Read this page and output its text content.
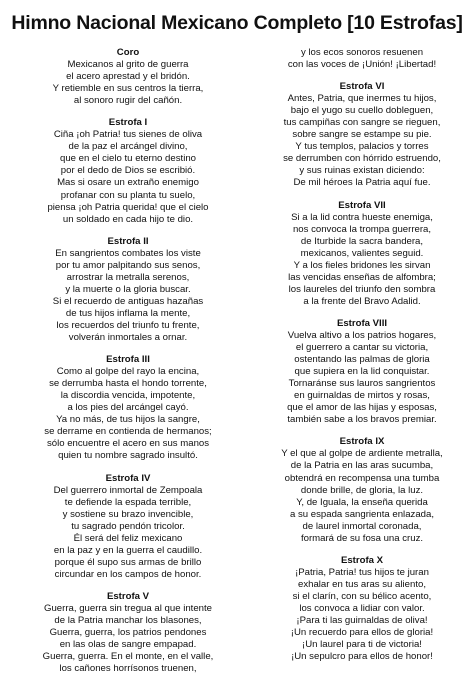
Himno Nacional Mexicano Completo [10 Estrofas]
Coro
Mexicanos al grito de guerra
el acero aprestad y el bridón.
Y retiemble en sus centros la tierra,
al sonoro rugir del cañón.
Estrofa I
Ciña ¡oh Patria! tus sienes de oliva
de la paz el arcángel divino,
que en el cielo tu eterno destino
por el dedo de Dios se escribió.
Mas si osare un extraño enemigo
profanar con su planta tu suelo,
piensa ¡oh Patria querida! que el cielo
un soldado en cada hijo te dio.
Estrofa II
En sangrientos combates los viste
por tu amor palpitando sus senos,
arrostrar la metralla serenos,
y la muerte o la gloria buscar.
Si el recuerdo de antiguas hazañas
de tus hijos inflama la mente,
los recuerdos del triunfo tu frente,
volverán inmortales a ornar.
Estrofa III
Como al golpe del rayo la encina,
se derrumba hasta el hondo torrente,
la discordia vencida, impotente,
a los pies del arcángel cayó.
Ya no más, de tus hijos la sangre,
se derrame en contienda de hermanos;
sólo encuentre el acero en sus manos
quien tu nombre sagrado insultó.
Estrofa IV
Del guerrero inmortal de Zempoala
te defiende la espada terrible,
y sostiene su brazo invencible,
tu sagrado pendón tricolor.
Él será del feliz mexicano
en la paz y en la guerra el caudillo.
porque él supo sus armas de brillo
circundar en los campos de honor.
Estrofa V
Guerra, guerra sin tregua al que intente
de la Patria manchar los blasones,
Guerra, guerra, los patrios pendones
en las olas de sangre empapad.
Guerra, guerra. En el monte, en el valle,
los cañones horrísonos truenen,
y los ecos sonoros resuenen
con las voces de ¡Unión! ¡Libertad!
Estrofa VI
Antes, Patria, que inermes tu hijos,
bajo el yugo su cuello dobleguen,
tus campiñas con sangre se rieguen,
sobre sangre se estampe su pie.
Y tus templos, palacios y torres
se derrumben con hórrido estruendo,
y sus ruinas existan diciendo:
De mil héroes la Patria aquí fue.
Estrofa VII
Si a la lid contra hueste enemiga,
nos convoca la trompa guerrera,
de Iturbide la sacra bandera,
mexicanos, valientes seguid.
Y a los fieles bridones les sirvan
las vencidas enseñas de alfombra;
los laureles del triunfo den sombra
a la frente del Bravo Adalid.
Estrofa VIII
Vuelva altivo a los patrios hogares,
el guerrero a cantar su victoria,
ostentando las palmas de gloria
que supiera en la lid conquistar.
Tornaránse sus lauros sangrientos
en guirnaldas de mirtos y rosas,
que el amor de las hijas y esposas,
también sabe a los bravos premiar.
Estrofa IX
Y el que al golpe de ardiente metralla,
de la Patria en las aras sucumba,
obtendrá en recompensa una tumba
donde brille, de gloria, la luz.
Y, de Iguala, la enseña querida
a su espada sangrienta enlazada,
de laurel inmortal coronada,
formará de su fosa una cruz.
Estrofa X
¡Patria, Patria! tus hijos te juran
exhalar en tus aras su aliento,
si el clarín, con su bélico acento,
los convoca a lidiar con valor.
¡Para ti las guirnaldas de oliva!
¡Un recuerdo para ellos de gloria!
¡Un laurel para ti de victoria!
¡Un sepulcro para ellos de honor!
